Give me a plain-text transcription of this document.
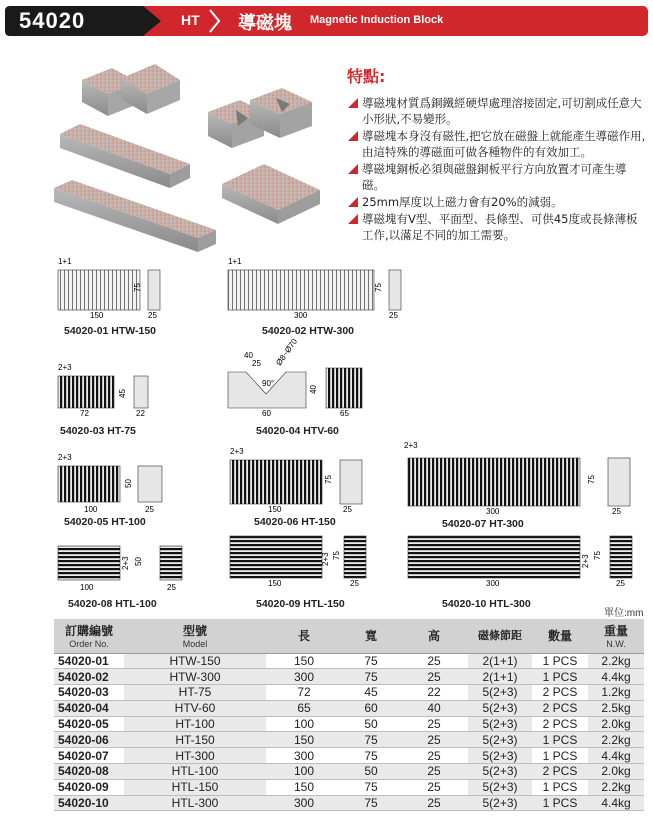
54020	HT 導磁塊 Magnetic Induction Block
特點:
導磁塊材質爲銅鐵經硬焊處理溶接固定,可切割成任意大小形狀,不易變形。
導磁塊本身沒有磁性,把它放在磁盤上就能產生導磁作用,由這特殊的導磁面可做各種物件的有效加工。
導磁塊銅板必須與磁盤銅板平行方向放置才可產生導磁。
25mm厚度以上磁力會有20%的減弱。
導磁塊有V型、平面型、長條型、可供45度或長條薄板工作,以滿足不同的加工需要。
1+1
150
75
25
1+1
300
75
25
2+3
72
45
22
40
25 Ø8~Ø70
90°
60
40
65
2+3
100
50
25
2+3
150
75
25
2+3
300
75
25
100
2+3 50
25	150
2+3 75
25	300
2+3 75
25
54020-01 HTW-150	54020-02 HTW-300
54020-03 HT-75	54020-04 HTV-60
54020-05 HT-100	54020-06 HT-150	54020-07 HT-300
54020-08 HTL-100	54020-09 HTL-150	54020-10 HTL-300
單位:mm
訂購編號
Order No.	型號
Model	長	寬	高	磁條節距	數量	重量
N.W.

54020-01	HTW-150	150	75	25	2(1+1)	1 PCS	2.2kg
54020-02	HTW-300	300	75	25	2(1+1)	1 PCS	4.4kg
54020-03	HT-75	72	45	22	5(2+3)	2 PCS	1.2kg
54020-04	HTV-60	65	60	40	5(2+3)	2 PCS	2.5kg
54020-05	HT-100	100	50	25	5(2+3)	2 PCS	2.0kg
54020-06	HT-150	150	75	25	5(2+3)	1 PCS	2.2kg
54020-07	HT-300	300	75	25	5(2+3)	1 PCS	4.4kg
54020-08	HTL-100	100	50	25	5(2+3)	2 PCS	2.0kg
54020-09	HTL-150	150	75	25	5(2+3)	1 PCS	2.2kg
54020-10	HTL-300	300	75	25	5(2+3)	1 PCS	4.4kg
